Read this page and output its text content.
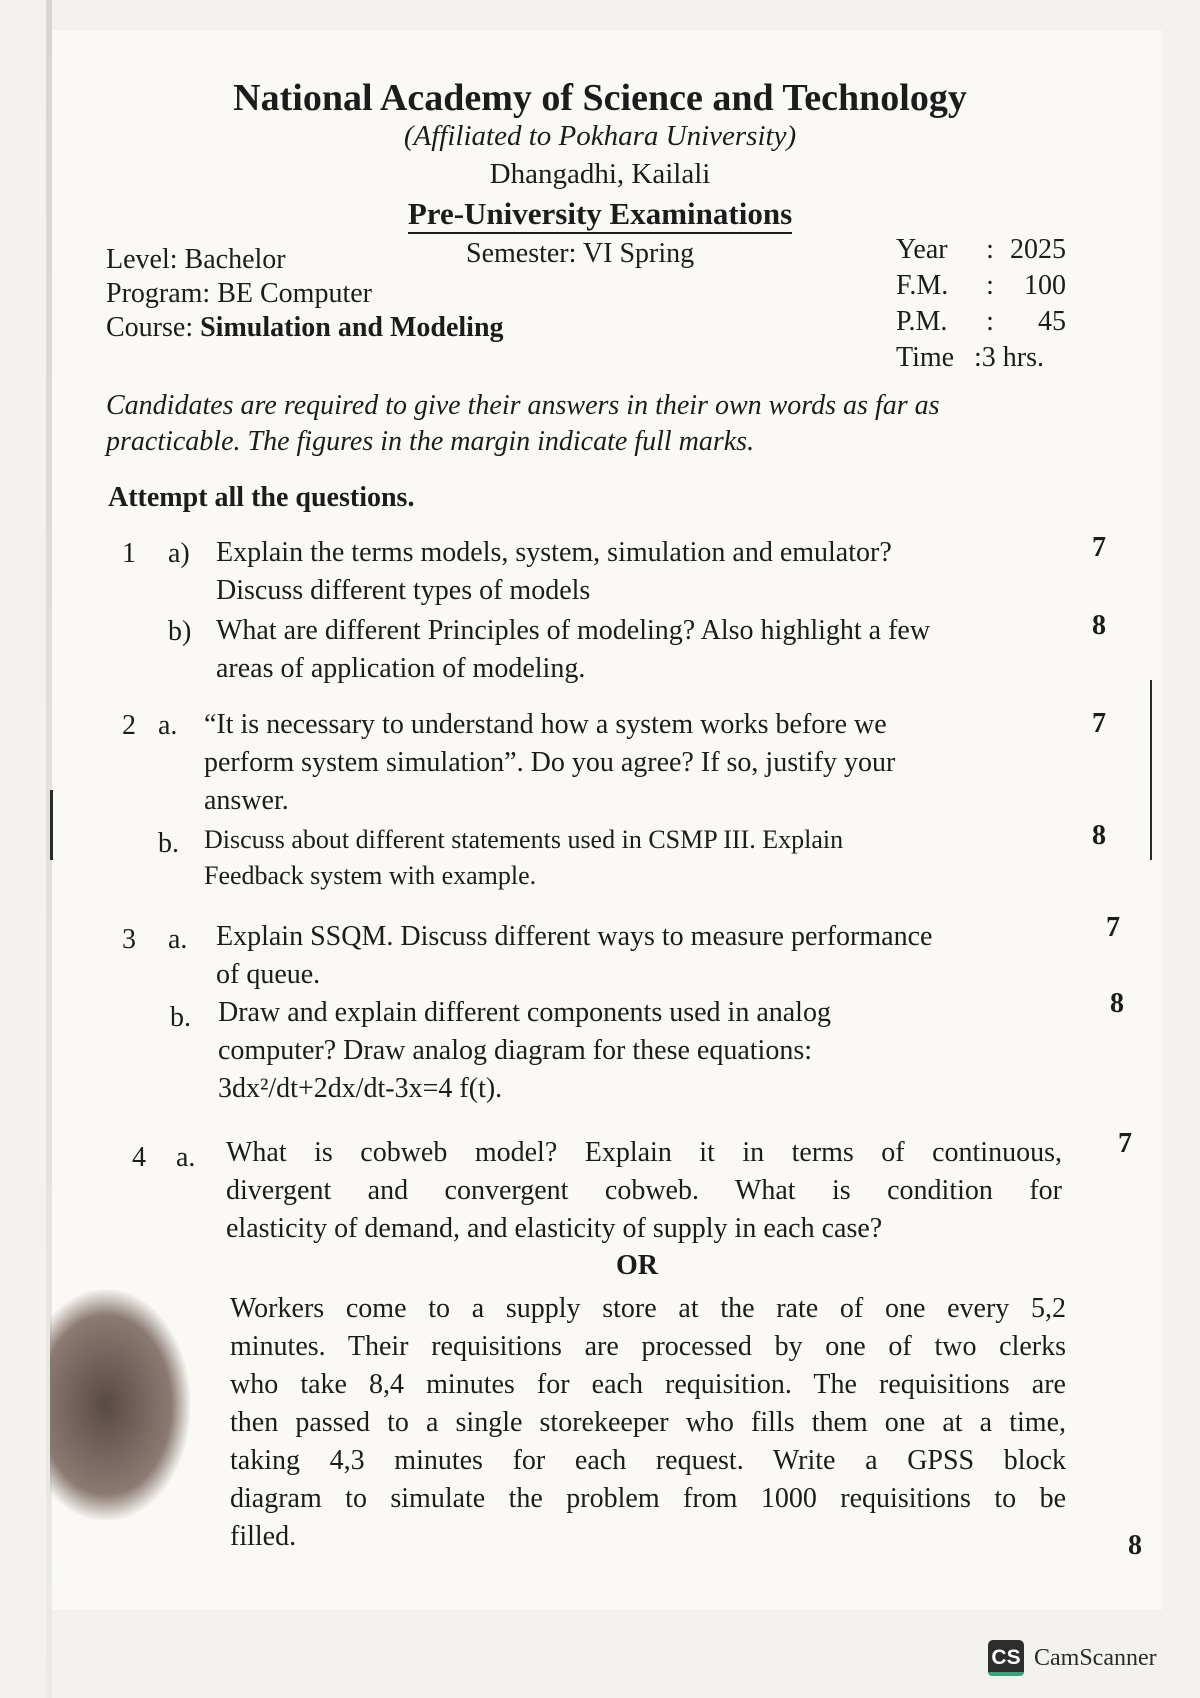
National Academy of Science and Technology
(Affiliated to Pokhara University)
Dhangadhi, Kailali
Pre-University Examinations
Level: Bachelor
Program: BE Computer
Course: Simulation and Modeling
Semester: VI Spring	Year : 2025
F.M. : 100
P.M. : 45
Time :3 hrs.
Candidates are required to give their answers in their own words as far as practicable. The figures in the margin indicate full marks.
Attempt all the questions.
1 a) Explain the terms models, system, simulation and emulator?
Discuss different types of models
7
b) What are different Principles of modeling? Also highlight a few
areas of application of modeling.
8
2 a. “It is necessary to understand how a system works before we
perform system simulation”. Do you agree? If so, justify your
answer.
7
b. Discuss about different statements used in CSMP III. Explain
Feedback system with example.
8
3 a. Explain SSQM. Discuss different ways to measure performance
of queue.
7
b. Draw and explain different components used in analog
computer? Draw analog diagram for these equations:
3dx²/dt+2dx/dt-3x=4 f(t).
8
4 a. What is cobweb model? Explain it in terms of continuous,
divergent and convergent cobweb. What is condition for
elasticity of demand, and elasticity of supply in each case?
7
OR
Workers come to a supply store at the rate of one every 5,2
minutes. Their requisitions are processed by one of two clerks
who take 8,4 minutes for each requisition. The requisitions are
then passed to a single storekeeper who fills them one at a time,
taking 4,3 minutes for each request. Write a GPSS block
diagram to simulate the problem from 1000 requisitions to be
filled.	8
CS CamScanner
